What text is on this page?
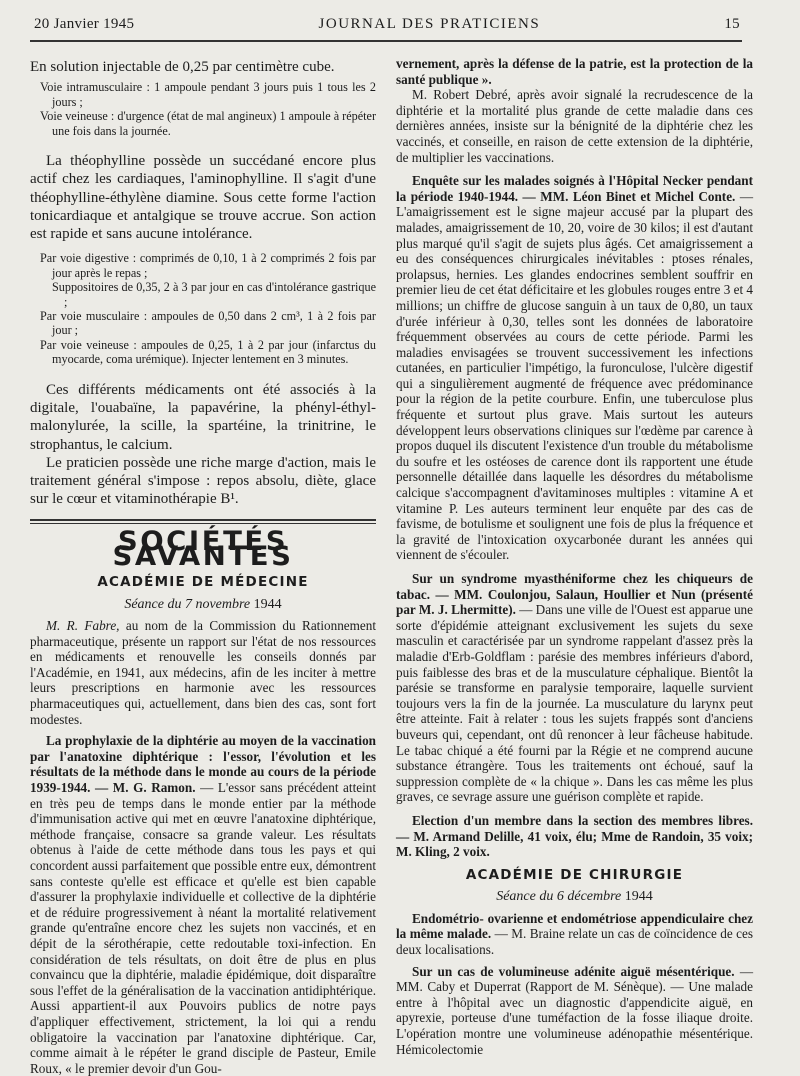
20 Janvier 1945	JOURNAL DES PRATICIENS	15

En solution injectable de 0,25 par centimètre cube.

Voie intramusculaire : 1 ampoule pendant 3 jours puis 1 tous les 2 jours ;

Voie veineuse : d'urgence (état de mal angineux) 1 ampoule à répéter une fois dans la journée.

La théophylline possède un succédané encore plus actif chez les cardiaques, l'aminophylline. Il s'agit d'une théophylline-éthylène diamine. Sous cette forme l'action tonicardiaque et antalgique se trouve accrue. Son action est rapide et sans aucune intolérance.

Par voie digestive : comprimés de 0,10, 1 à 2 comprimés 2 fois par jour après le repas ;

Suppositoires de 0,35, 2 à 3 par jour en cas d'intolérance gastrique ;

Par voie musculaire : ampoules de 0,50 dans 2 cm³, 1 à 2 fois par jour ;

Par voie veineuse : ampoules de 0,25, 1 à 2 par jour (infarctus du myocarde, coma urémique). Injecter lentement en 3 minutes.

Ces différents médicaments ont été associés à la digitale, l'ouabaïne, la papavérine, la phényl-éthyl-malonylurée, la scille, la spartéine, la trinitrine, le strophantus, le calcium.

Le praticien possède une riche marge d'action, mais le traitement général s'impose : repos absolu, diète, glace sur le cœur et vitaminothérapie B¹.

SOCIÉTÉS SAVANTES
ACADÉMIE DE MÉDECINE
Séance du 7 novembre 1944

M. R. Fabre, au nom de la Commission du Rationnement pharmaceutique, présente un rapport sur l'état de nos ressources en médicaments et renouvelle les conseils donnés par l'Académie, en 1941, aux médecins, afin de les inciter à mettre leurs prescriptions en harmonie avec les ressources pharmaceutiques qui, actuellement, dans bien des cas, sont fort modestes.

La prophylaxie de la diphtérie au moyen de la vaccination par l'anatoxine diphtérique : l'essor, l'évolution et les résultats de la méthode dans le monde au cours de la période 1939-1944. — M. G. Ramon. — L'essor sans précédent atteint en très peu de temps dans le monde entier par la méthode d'immunisation active qui met en œuvre l'anatoxine diphtérique, méthode française, consacre sa grande valeur. Les résultats obtenus à l'aide de cette méthode dans tous les pays et qui concordent aussi parfaitement que possible entre eux, démontrent sans conteste qu'elle est efficace et qu'elle est bien capable d'assurer la prophylaxie individuelle et collective de la diphtérie et de réduire progressivement à néant la mortalité relativement grande qu'entraîne encore chez les sujets non vaccinés, et en dépit de la sérothérapie, cette redoutable toxi-infection. En considération de tels résultats, on doit être de plus en plus convaincu que la diphtérie, maladie épidémique, doit disparaître sous l'effet de la généralisation de la vaccination antidiphtérique. Aussi appartient-il aux Pouvoirs publics de notre pays d'appliquer effectivement, strictement, la loi qui a rendu obligatoire la vaccination par l'anatoxine diphtérique. Car, comme aimait à le répéter le grand disciple de Pasteur, Emile Roux, « le premier devoir d'un Gou-

vernement, après la défense de la patrie, est la protection de la santé publique ».

M. Robert Debré, après avoir signalé la recrudescence de la diphtérie et la mortalité plus grande de cette maladie dans ces dernières années, insiste sur la bénignité de la diphtérie chez les vaccinés, et conseille, en raison de cette extension de la diphtérie, de multiplier les vaccinations.

Enquête sur les malades soignés à l'Hôpital Necker pendant la période 1940-1944. — MM. Léon Binet et Michel Conte. — L'amaigrissement est le signe majeur accusé par la plupart des malades, amaigrissement de 10, 20, voire de 30 kilos; il est d'autant plus marqué qu'il s'agit de sujets plus âgés. Cet amaigrissement a eu des conséquences chirurgicales inévitables : ptoses rénales, prolapsus, hernies. Les glandes endocrines semblent souffrir en premier lieu de cet état déficitaire et les globules rouges entre 3 et 4 millions; un chiffre de glucose sanguin à un taux de 0,80, un taux d'urée inférieur à 0,30, telles sont les données de laboratoire fréquemment observées au cours de cette période. Parmi les maladies envisagées se trouvent successivement les infections cutanées, en particulier l'impétigo, la furonculose, l'ulcère digestif qui a singulièrement augmenté de fréquence avec prédominance pour la région de la petite courbure. Enfin, une tuberculose plus fréquente et surtout plus grave. Mais surtout les auteurs développent leurs observations cliniques sur l'œdème par carence à propos duquel ils discutent l'existence d'un trouble du métabolisme du soufre et les ostéoses de carence dont ils rapportent une étude personnelle détaillée dans laquelle les désordres du métabolisme calcique s'accompagnent d'avitaminoses multiples : vitamine A et vitamine P. Les auteurs terminent leur enquête par des cas de favisme, de botulisme et soulignent une fois de plus la fréquence et la gravité de l'intoxication oxycarbonée durant les années qui viennent de s'écouler.

Sur un syndrome myasthéniforme chez les chiqueurs de tabac. — MM. Coulonjou, Salaun, Houllier et Nun (présenté par M. J. Lhermitte). — Dans une ville de l'Ouest est apparue une sorte d'épidémie atteignant exclusivement les sujets du sexe masculin et caractérisée par un syndrome rappelant d'assez près la maladie d'Erb-Goldflam : parésie des membres inférieurs d'abord, puis faiblesse des bras et de la musculature céphalique. Bientôt la parésie se transforme en paralysie temporaire, laquelle survient toujours vers la fin de la journée. La musculature du larynx peut être atteinte. Fait à relater : tous les sujets frappés sont d'anciens buveurs qui, cependant, ont dû renoncer à leur fâcheuse habitude. Le tabac chiqué a été fourni par la Régie et ne comprend aucune substance étrangère. Tous les traitements ont échoué, sauf la suppression complète de « la chique ». Dans les cas même les plus graves, ce sevrage assure une guérison complète et rapide.

Election d'un membre dans la section des membres libres. — M. Armand Delille, 41 voix, élu; Mme de Randoin, 35 voix; M. Kling, 2 voix.

ACADÉMIE DE CHIRURGIE
Séance du 6 décembre 1944

Endométrio- ovarienne et endométriose appendiculaire chez la même malade. — M. Braine relate un cas de coïncidence de ces deux localisations.

Sur un cas de volumineuse adénite aiguë mésentérique. — MM. Caby et Duperrat (Rapport de M. Sénèque). — Une malade entre à l'hôpital avec un diagnostic d'appendicite aiguë, en apyrexie, porteuse d'une tuméfaction de la fosse iliaque droite. L'opération montre une volumineuse adénopathie mésentérique. Hémicolectomie
